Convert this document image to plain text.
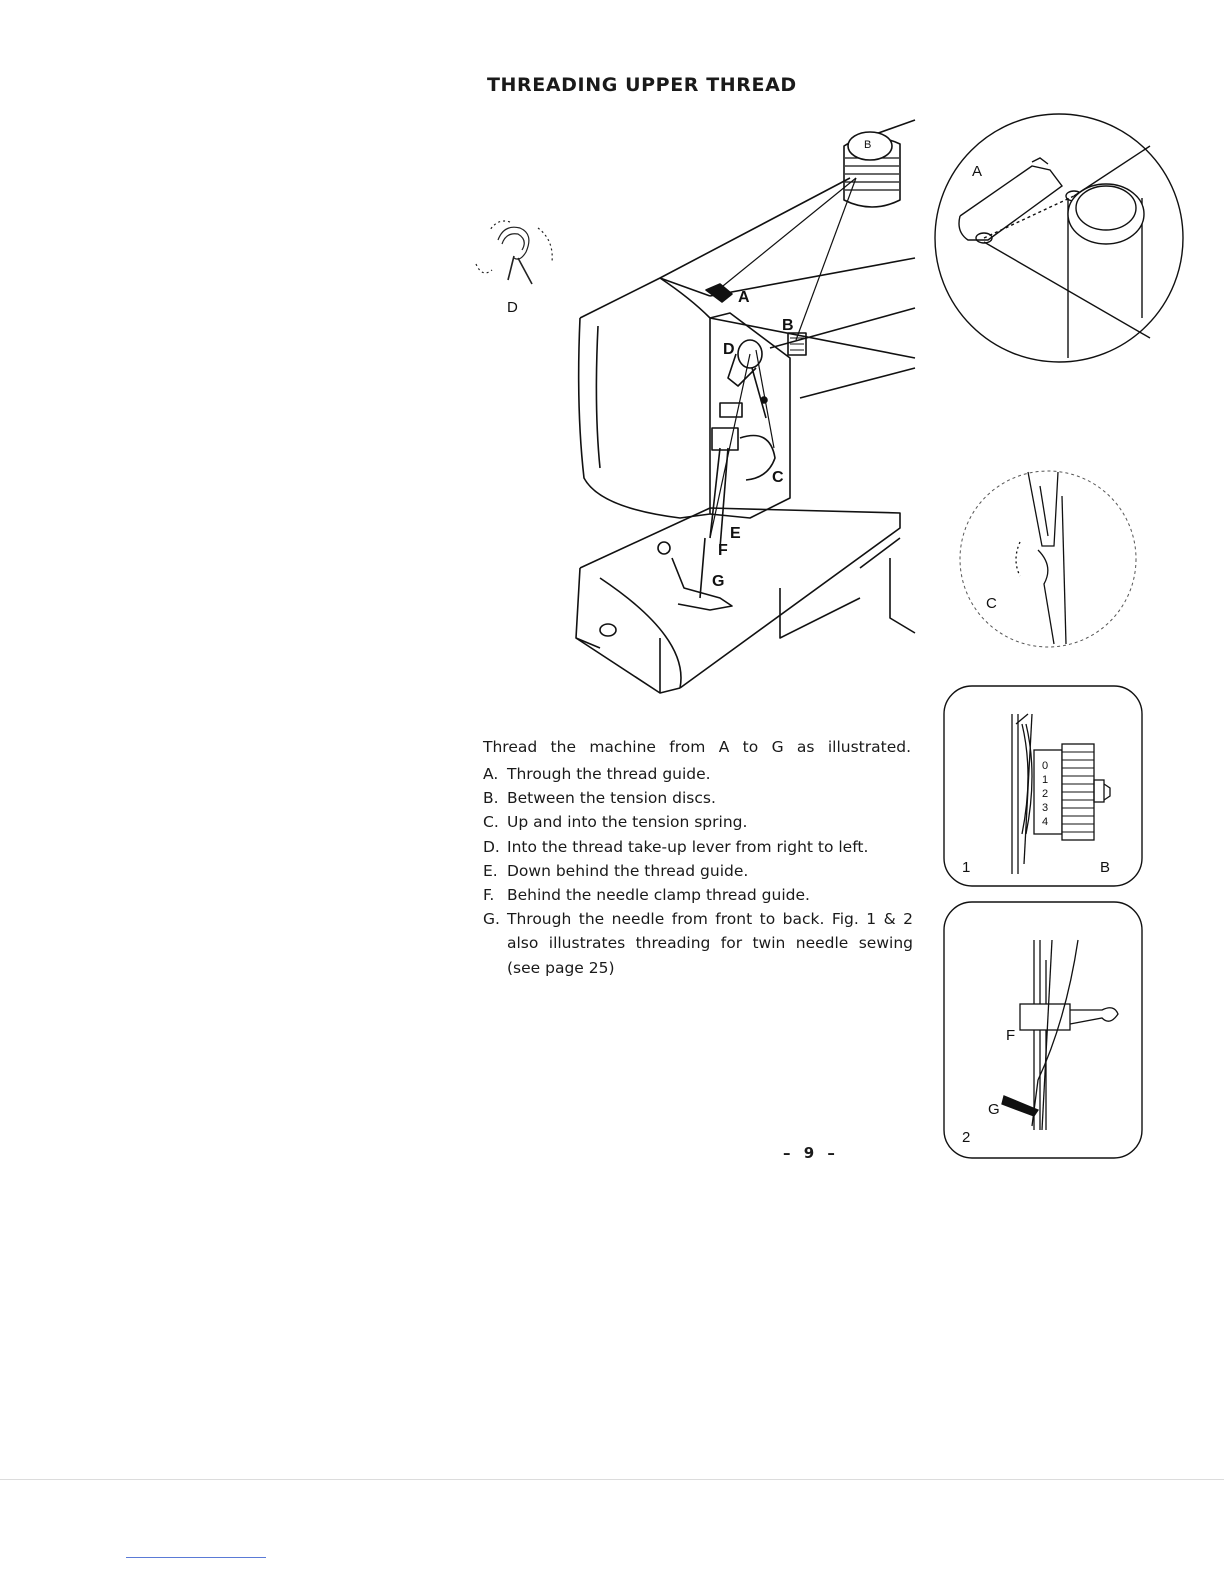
THREADING UPPER THREAD
D
B
A
B
D
C
E
F
G
A
C
0
1
2
3
4
1	B
F
G
2
Thread the machine from A to G as illustrated.
A. Through the thread guide.
B. Between the tension discs.
C. Up and into the tension spring.
D. Into the thread take-up lever from right to left.
E. Down behind the thread guide.
F. Behind the needle clamp thread guide.
G. Through the needle from front to back. Fig. 1 & 2 also illustrates threading for twin needle sewing (see page 25)
– 9 –
